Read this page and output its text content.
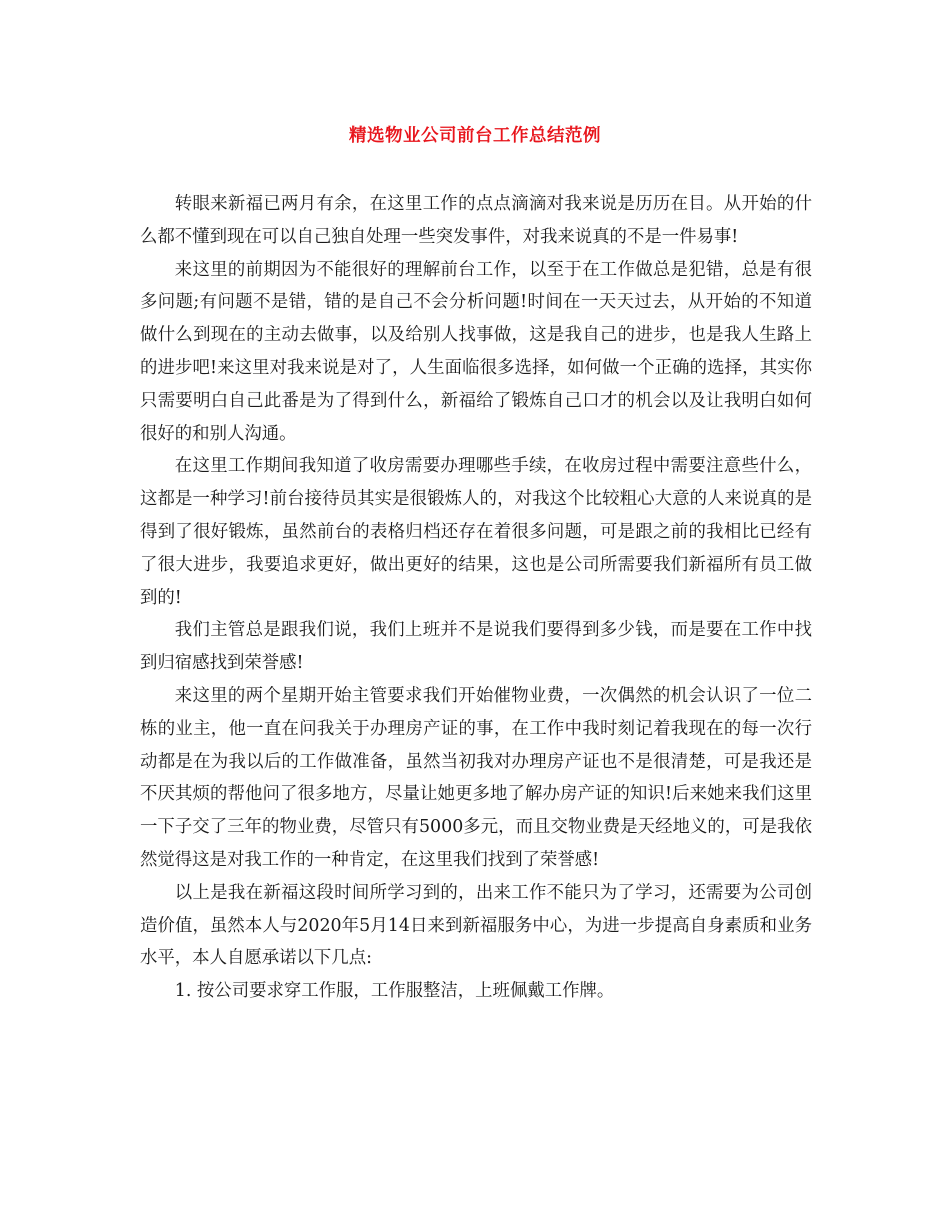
精选物业公司前台工作总结范例

转眼来新福已两月有余，在这里工作的点点滴滴对我来说是历历在目。从开始的什么都不懂到现在可以自己独自处理一些突发事件，对我来说真的不是一件易事!

来这里的前期因为不能很好的理解前台工作，以至于在工作做总是犯错，总是有很多问题;有问题不是错，错的是自己不会分析问题!时间在一天天过去，从开始的不知道做什么到现在的主动去做事，以及给别人找事做，这是我自己的进步，也是我人生路上的进步吧!来这里对我来说是对了，人生面临很多选择，如何做一个正确的选择，其实你只需要明白自己此番是为了得到什么，新福给了锻炼自己口才的机会以及让我明白如何很好的和别人沟通。

在这里工作期间我知道了收房需要办理哪些手续，在收房过程中需要注意些什么，这都是一种学习!前台接待员其实是很锻炼人的，对我这个比较粗心大意的人来说真的是得到了很好锻炼，虽然前台的表格归档还存在着很多问题，可是跟之前的我相比已经有了很大进步，我要追求更好，做出更好的结果，这也是公司所需要我们新福所有员工做到的!

我们主管总是跟我们说，我们上班并不是说我们要得到多少钱，而是要在工作中找到归宿感找到荣誉感!

来这里的两个星期开始主管要求我们开始催物业费，一次偶然的机会认识了一位二栋的业主，他一直在问我关于办理房产证的事，在工作中我时刻记着我现在的每一次行动都是在为我以后的工作做准备，虽然当初我对办理房产证也不是很清楚，可是我还是不厌其烦的帮他问了很多地方，尽量让她更多地了解办房产证的知识!后来她来我们这里一下子交了三年的物业费，尽管只有5000多元，而且交物业费是天经地义的，可是我依然觉得这是对我工作的一种肯定，在这里我们找到了荣誉感!

以上是我在新福这段时间所学习到的，出来工作不能只为了学习，还需要为公司创造价值，虽然本人与2020年5月14日来到新福服务中心，为进一步提高自身素质和业务水平，本人自愿承诺以下几点:

1. 按公司要求穿工作服，工作服整洁，上班佩戴工作牌。
